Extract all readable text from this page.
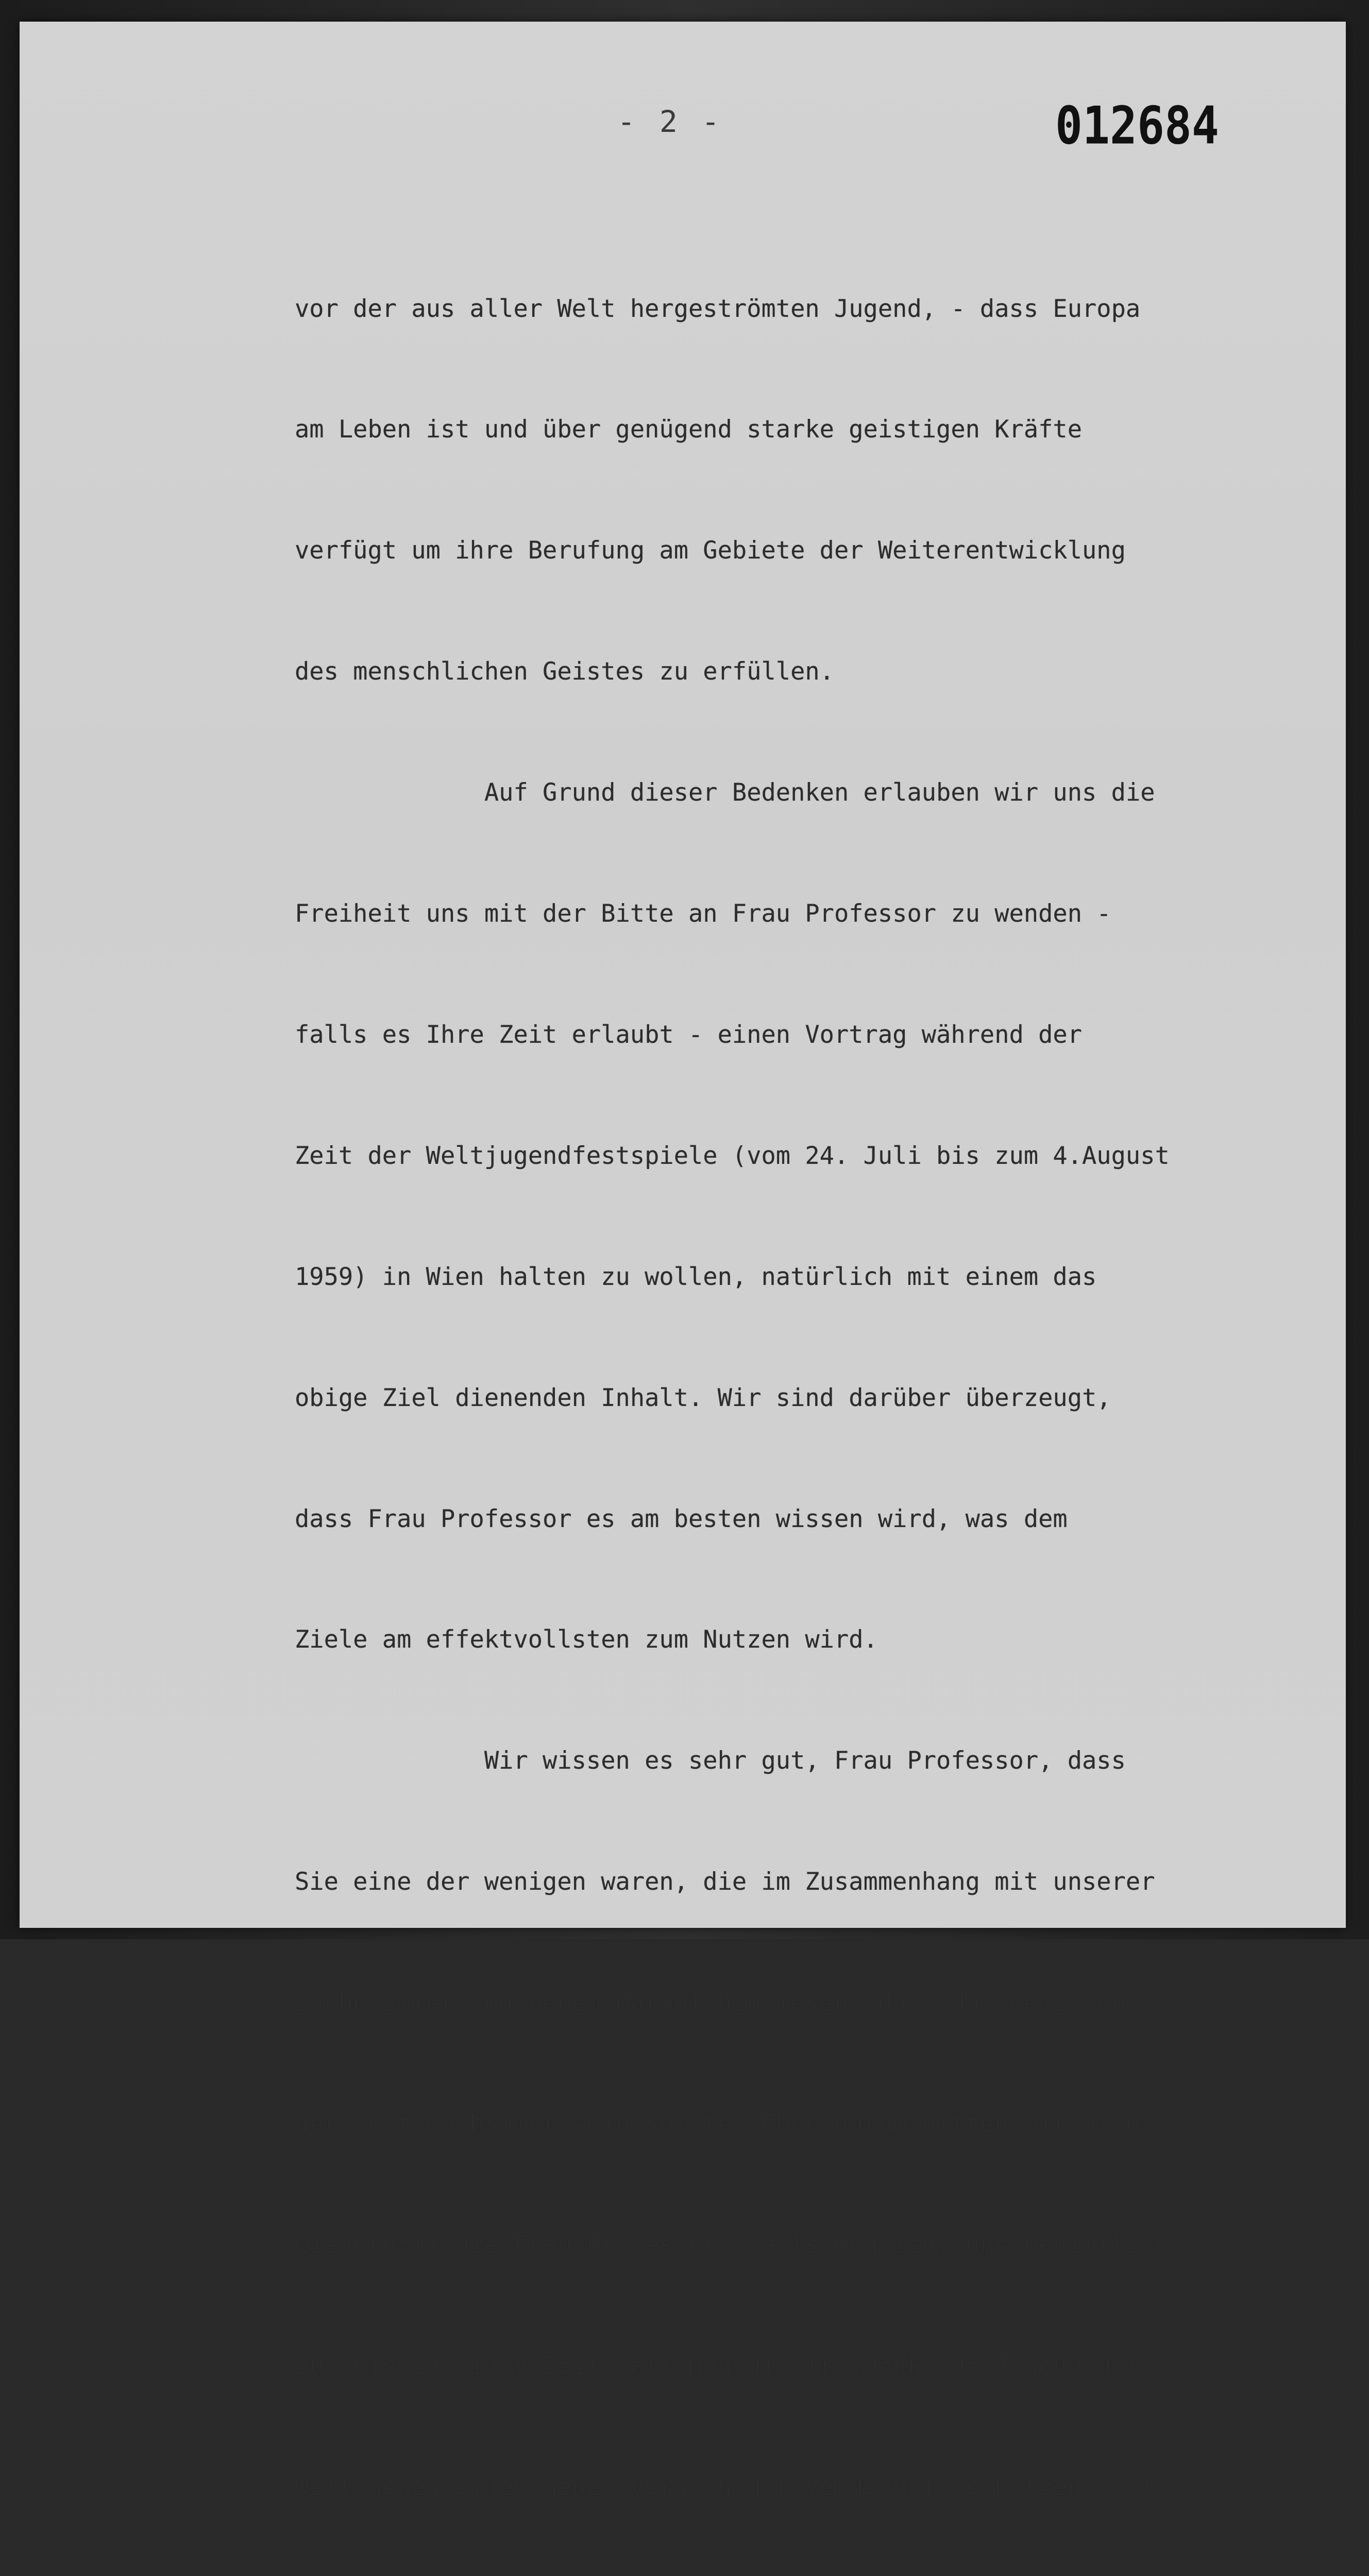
- 2 -	012684

vor der aus aller Welt hergeströmten Jugend, - dass Europa

am Leben ist und über genügend starke geistigen Kräfte

verfügt um ihre Berufung am Gebiete der Weiterentwicklung

des menschlichen Geistes zu erfüllen.

Auf Grund dieser Bedenken erlauben wir uns die

Freiheit uns mit der Bitte an Frau Professor zu wenden -

falls es Ihre Zeit erlaubt - einen Vortrag während der

Zeit der Weltjugendfestspiele (vom 24. Juli bis zum 4.August

1959) in Wien halten zu wollen, natürlich mit einem das

obige Ziel dienenden Inhalt. Wir sind darüber überzeugt,

dass Frau Professor es am besten wissen wird, was dem

Ziele am effektvollsten zum Nutzen wird.

Wir wissen es sehr gut, Frau Professor, dass

Sie eine der wenigen waren, die im Zusammenhang mit unserer

Sache immer von neuem darauf hinwiesen, dass das Gewissen

der Welt wachsamer sein sollte. Eben darum bitten wir also

wiederholt die Frau Professor, falls möglich, uns behilflich

zu sein zu einer Zeit, als man die freidenkende Jugend der

Welt gegen einen neuen Versuch der Verderbnis schützen soll
